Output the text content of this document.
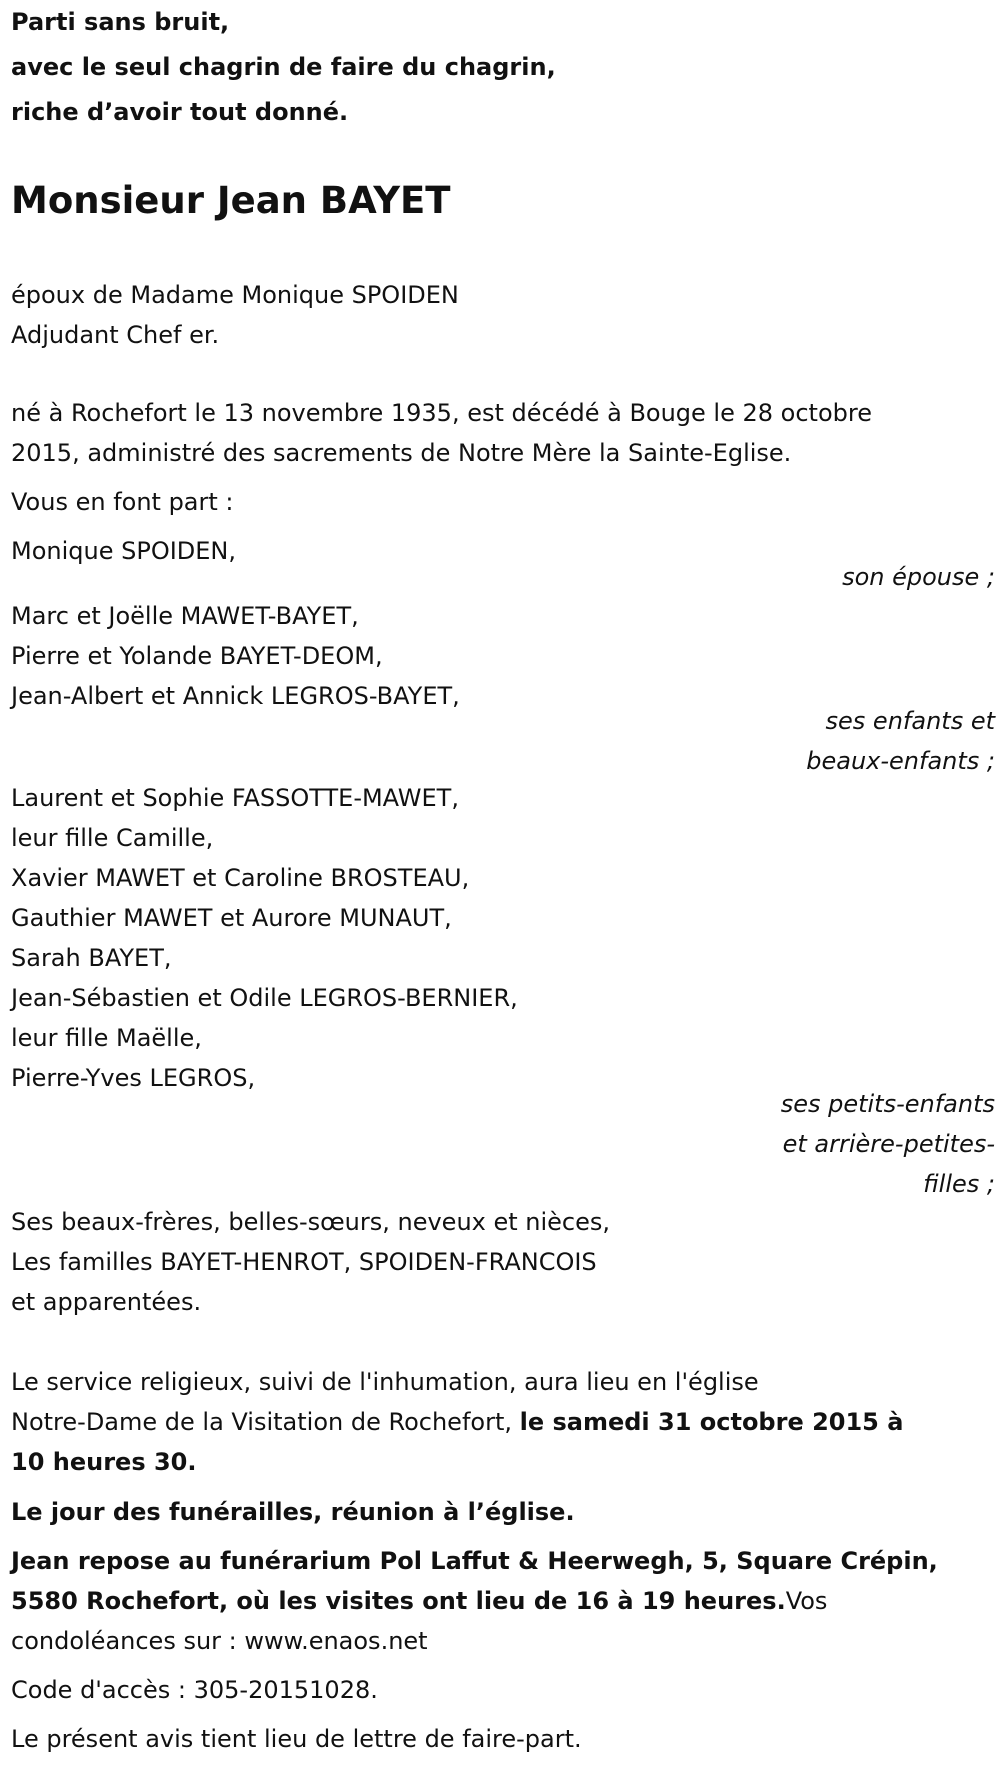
Parti sans bruit,
avec le seul chagrin de faire du chagrin,
riche d’avoir tout donné.
Monsieur Jean BAYET
époux de Madame Monique SPOIDEN
Adjudant Chef er.
né à Rochefort le 13 novembre 1935, est décédé à Bouge le 28 octobre
2015, administré des sacrements de Notre Mère la Sainte-Eglise.
Vous en font part :
Monique SPOIDEN,
son épouse ;
Marc et Joëlle MAWET-BAYET,
Pierre et Yolande BAYET-DEOM,
Jean-Albert et Annick LEGROS-BAYET,
ses enfants et
beaux-enfants ;
Laurent et Sophie FASSOTTE-MAWET,
leur fille Camille,
Xavier MAWET et Caroline BROSTEAU,
Gauthier MAWET et Aurore MUNAUT,
Sarah BAYET,
Jean-Sébastien et Odile LEGROS-BERNIER,
leur fille Maëlle,
Pierre-Yves LEGROS,
ses petits-enfants
et arrière-petites-
filles ;
Ses beaux-frères, belles-sœurs, neveux et nièces,
Les familles BAYET-HENROT, SPOIDEN-FRANCOIS
et apparentées.
Le service religieux, suivi de l'inhumation, aura lieu en l'église
Notre-Dame de la Visitation de Rochefort, le samedi 31 octobre 2015 à
10 heures 30.
Le jour des funérailles, réunion à l’église.
Jean repose au funérarium Pol Laffut & Heerwegh, 5, Square Crépin,
5580 Rochefort, où les visites ont lieu de 16 à 19 heures.Vos
condoléances sur : www.enaos.net
Code d'accès : 305-20151028.
Le présent avis tient lieu de lettre de faire-part.
